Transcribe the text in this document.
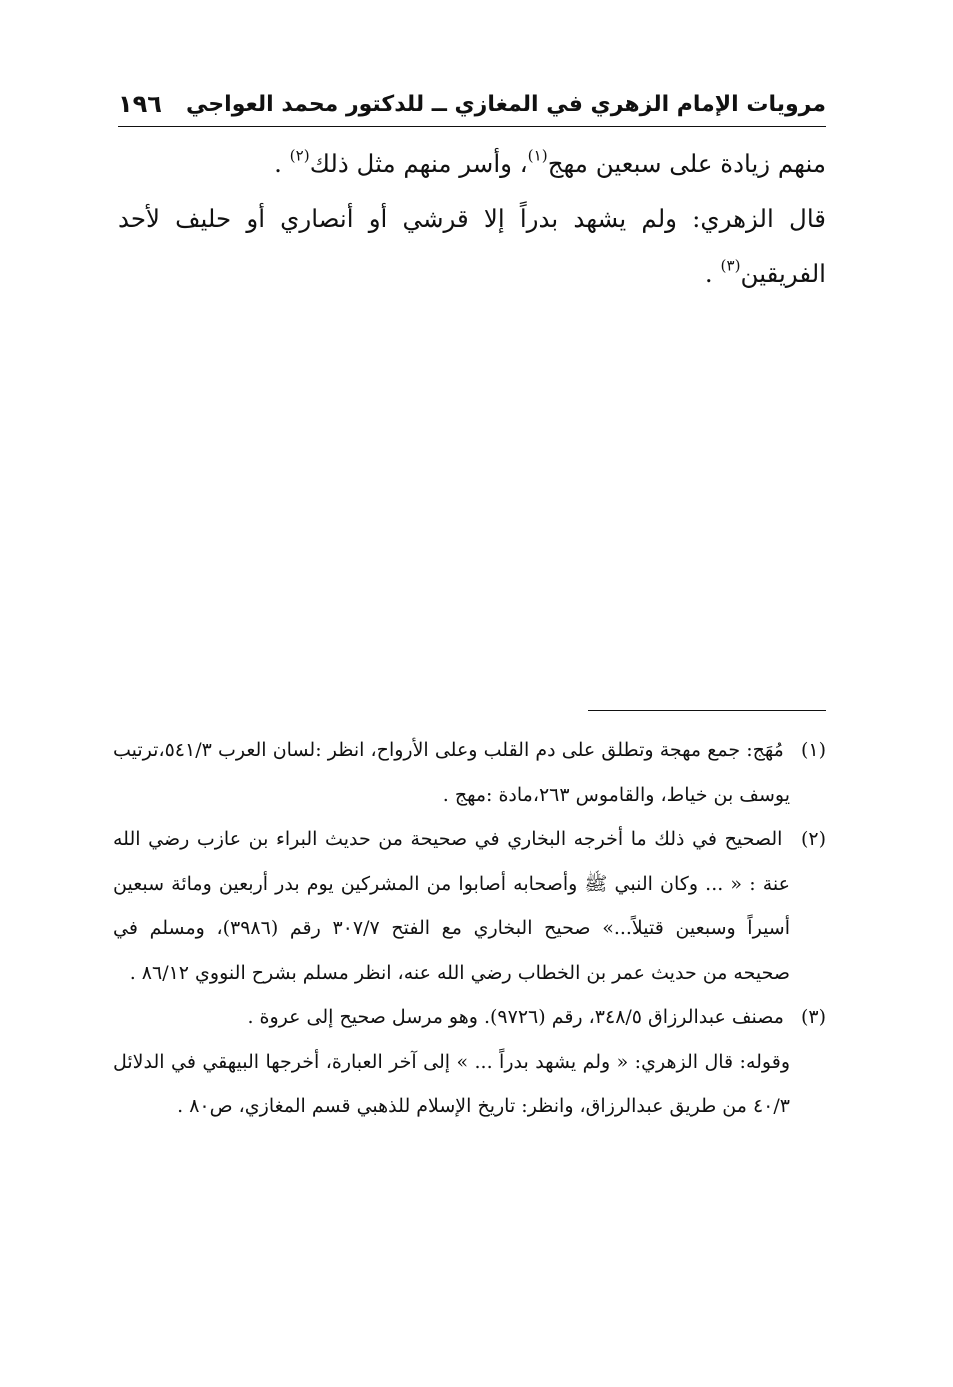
١٩٦ مرويات الإمام الزهري في المغازي ــ للدكتور محمد العواجي

منهم زيادة على سبعين مهج$^{(١)}$، وأسر منهم مثل ذلك$^{(٢)}$ .

قال الزهري: ولم يشهد بدراً إلا قرشي أو أنصاري أو حليف لأحد الفريقين$^{(٣)}$ .

(١) مُهَج: جمع مهجة وتطلق على دم القلب وعلى الأرواح، انظر :لسان العرب ٥٤١/٣،ترتيب يوسف بن خياط، والقاموس ٢٦٣،مادة :مهج .

(٢) الصحيح في ذلك ما أخرجه البخاري في صحيحة من حديث البراء بن عازب رضي الله عنة : « ... وكان النبي ﷺ وأصحابه أصابوا من المشركين يوم بدر أربعين ومائة سبعين أسيراً وسبعين قتيلاً...» صحيح البخاري مع الفتح ٣٠٧/٧ رقم (٣٩٨٦)، ومسلم في صحيحه من حديث عمر بن الخطاب رضي الله عنه، انظر مسلم بشرح النووي ٨٦/١٢ .

(٣) مصنف عبدالرزاق ٣٤٨/٥، رقم (٩٧٢٦). وهو مرسل صحيح إلى عروة .

وقوله: قال الزهري: « ولم يشهد بدراً ... » إلى آخر العبارة، أخرجها البيهقي في الدلائل ٤٠/٣ من طريق عبدالرزاق، وانظر: تاريخ الإسلام للذهبي قسم المغازي، ص٨٠ .
